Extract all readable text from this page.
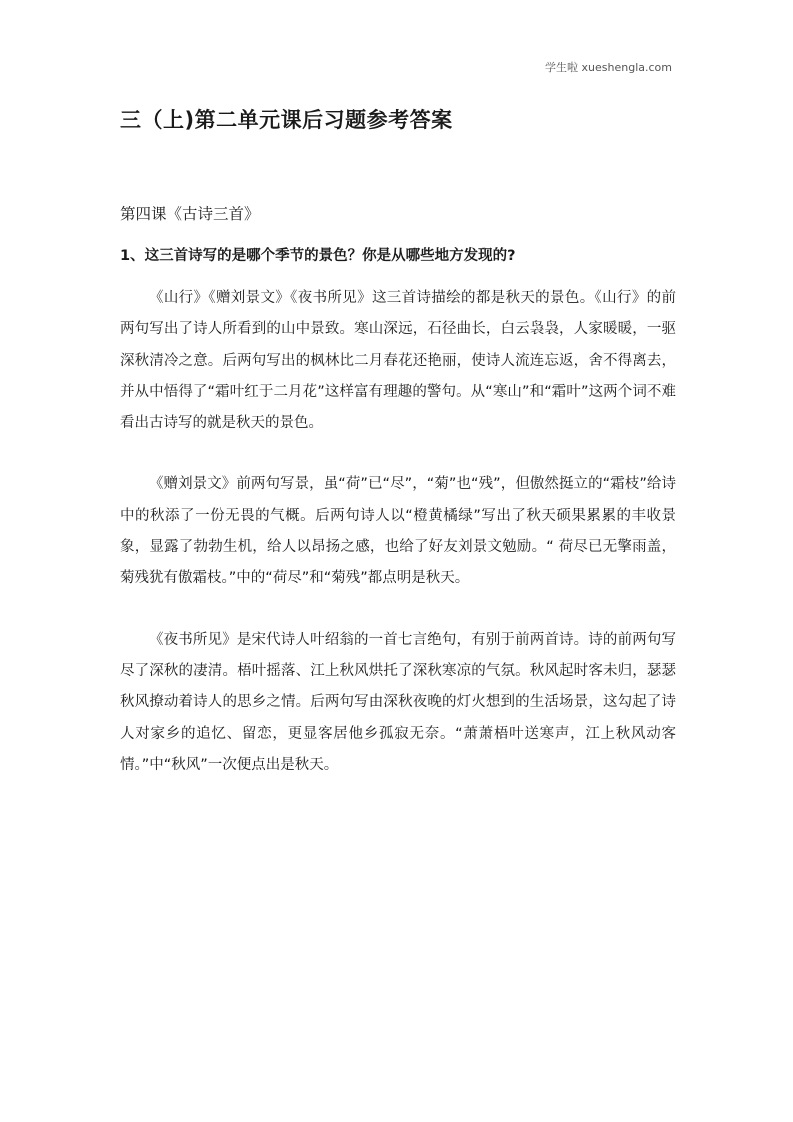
学生啦 xueshengla.com
三（上)第二单元课后习题参考答案
第四课《古诗三首》

1、这三首诗写的是哪个季节的景色？你是从哪些地方发现的?

《山行》《赠刘景文》《夜书所见》这三首诗描绘的都是秋天的景色。《山行》的前两句写出了诗人所看到的山中景致。寒山深远，石径曲长，白云袅袅，人家暖暖，一驱深秋清冷之意。后两句写出的枫林比二月春花还艳丽，使诗人流连忘返，舍不得离去，并从中悟得了“霜叶红于二月花”这样富有理趣的警句。从“寒山”和“霜叶”这两个词不难看出古诗写的就是秋天的景色。

《赠刘景文》前两句写景，虽“荷”已“尽”，“菊”也“残”，但傲然挺立的“霜枝”给诗中的秋添了一份无畏的气概。后两句诗人以“橙黄橘绿”写出了秋天硕果累累的丰收景象，显露了勃勃生机，给人以昂扬之感，也给了好友刘景文勉励。“ 荷尽已无擎雨盖，菊残犹有傲霜枝。”中的“荷尽”和“菊残”都点明是秋天。

《夜书所见》是宋代诗人叶绍翁的一首七言绝句，有别于前两首诗。诗的前两句写尽了深秋的凄清。梧叶摇落、江上秋风烘托了深秋寒凉的气氛。秋风起时客未归，瑟瑟秋风撩动着诗人的思乡之情。后两句写由深秋夜晚的灯火想到的生活场景，这勾起了诗人对家乡的追忆、留恋，更显客居他乡孤寂无奈。“萧萧梧叶送寒声，江上秋风动客情。”中“秋风”一次便点出是秋天。
